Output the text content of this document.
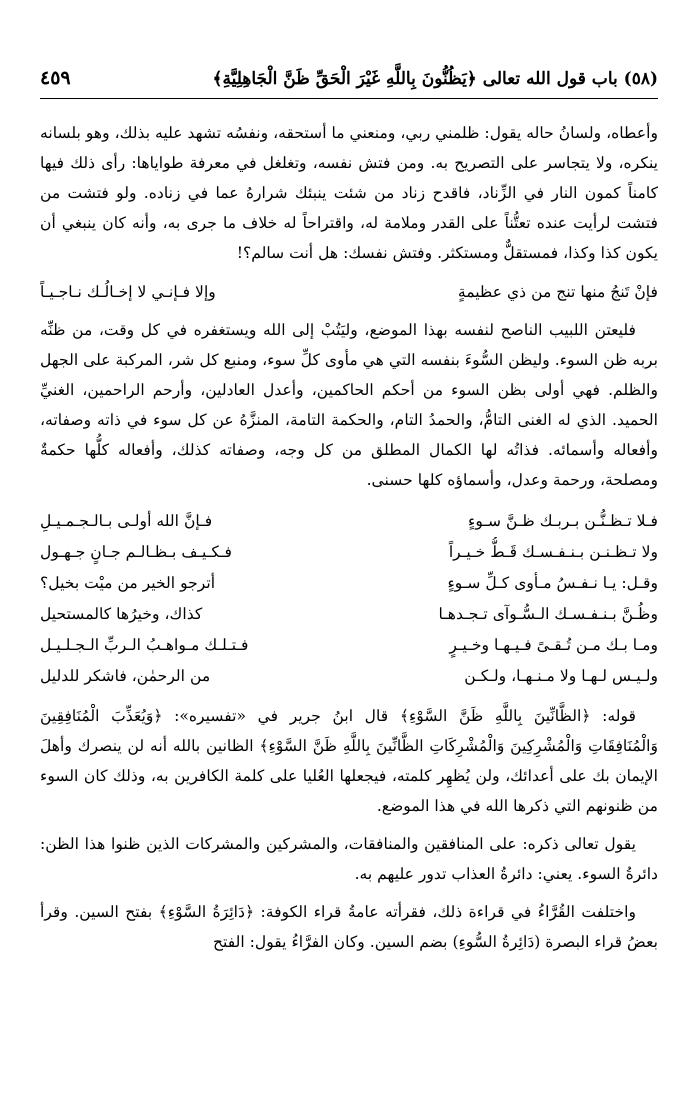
(٥٨) باب قول الله تعالى ﴿يَظُنُّونَ بِاللَّهِ غَيْرَ الْحَقِّ ظَنَّ الْجَاهِلِيَّةِ﴾
٤٥٩

وأعطاه، ولسانُ حاله يقول: ظلمني ربي، ومنعني ما أستحقه، ونفسُه تشهد عليه بذلك، وهو بلسانه ينكره، ولا يتجاسر على التصريح به. ومن فتش نفسه، وتغلغل في معرفة طواياها: رأى ذلك فيها كامناً كمون النار في الزِّناد، فاقدح زناد من شئت ينبئك شرارهُ عما في زناده. ولو فتشت من فتشت لرأيت عنده تعتُّناً على القدر وملامة له، واقتراحاً له خلاف ما جرى به، وأنه كان ينبغي أن يكون كذا وكذا، فمستقلٌّ ومستكثر. وفتش نفسك: هل أنت سالم؟!

فإنْ تَنجُ منها تنج من ذي عظيمةٍ
وإلا فـإنـي لا إخـالُـك نـاجـيـاً

فليعتن اللبيب الناصح لنفسه بهذا الموضع، وليَتُبْ إلى الله ويستغفره في كل وقت، من ظنِّه بربه ظن السوء. وليظن السُّوءَ بنفسه التي هي مأوى كلِّ سوء، ومنبع كل شر، المركبة على الجهل والظلم. فهي أولى بظن السوء من أحكم الحاكمين، وأعدل العادلين، وأرحم الراحمين، الغنيِّ الحميد. الذي له الغنى التامُّ، والحمدُ التام، والحكمة التامة، المنزَّهُ عن كل سوء في ذاته وصفاته، وأفعاله وأسمائه. فذاتُه لها الكمال المطلق من كل وجه، وصفاته كذلك، وأفعاله كلُّها حكمةٌ ومصلحة، ورحمة وعدل، وأسماؤه كلها حسنى.

فـلا تـظـنُّـن بـربـك ظـنَّ سـوءٍ
فـإنَّ الله أولـى بـالـجـمـيـلِ
ولا تـظـنـن بـنـفـسـك قَـطُّ خـيـراً
فـكـيـف بـظـالـم جـانٍ جـهـول
وقـل: يـا نـفـسُ مـأوى كـلِّ سـوءٍ
أترجو الخير من ميْت بخيل؟
وظُـنَّ بـنـفـسـك الـسُّـوآى تـجـدهـا
كذاك، وخيرُها كالمستحيل
ومـا بـك مـن تُـقـىً فـيـهـا وخـيـرٍ
فـتـلـك مـواهـبُ الـربِّ الـجـلـيـل
ولـيـس لـهـا ولا مـنـهـا، ولـكـن
من الرحمٰن، فاشكر للدليل

قوله: ﴿الظَّانِّينَ بِاللَّهِ ظَنَّ السَّوْءِ﴾ قال ابنُ جرير في «تفسيره»: ﴿وَيُعَذِّبَ الْمُنَافِقِينَ وَالْمُنَافِقَاتِ وَالْمُشْرِكِينَ وَالْمُشْرِكَاتِ الظَّانِّينَ بِاللَّهِ ظَنَّ السَّوْءِ﴾ الظانين بالله أنه لن ينصرك وأهلَ الإيمان بك على أعدائك، ولن يُظهِر كلمته، فيجعلها العُليا على كلمة الكافرين به، وذلك كان السوء من ظنونهم التي ذكرها الله في هذا الموضع.

يقول تعالى ذكره: على المنافقين والمنافقات، والمشركين والمشركات الذين ظنوا هذا الظن: دائرةُ السوء. يعني: دائرةُ العذاب تدور عليهم به.

واختلفت القُرَّاءُ في قراءة ذلك، فقرأته عامةُ قراء الكوفة: ﴿دَائِرَةُ السَّوْءِ﴾ بفتح السين. وقرأ بعضُ قراء البصرة (دَائِرةُ السُّوءِ) بضم السين. وكان الفرَّاءُ يقول: الفتح
